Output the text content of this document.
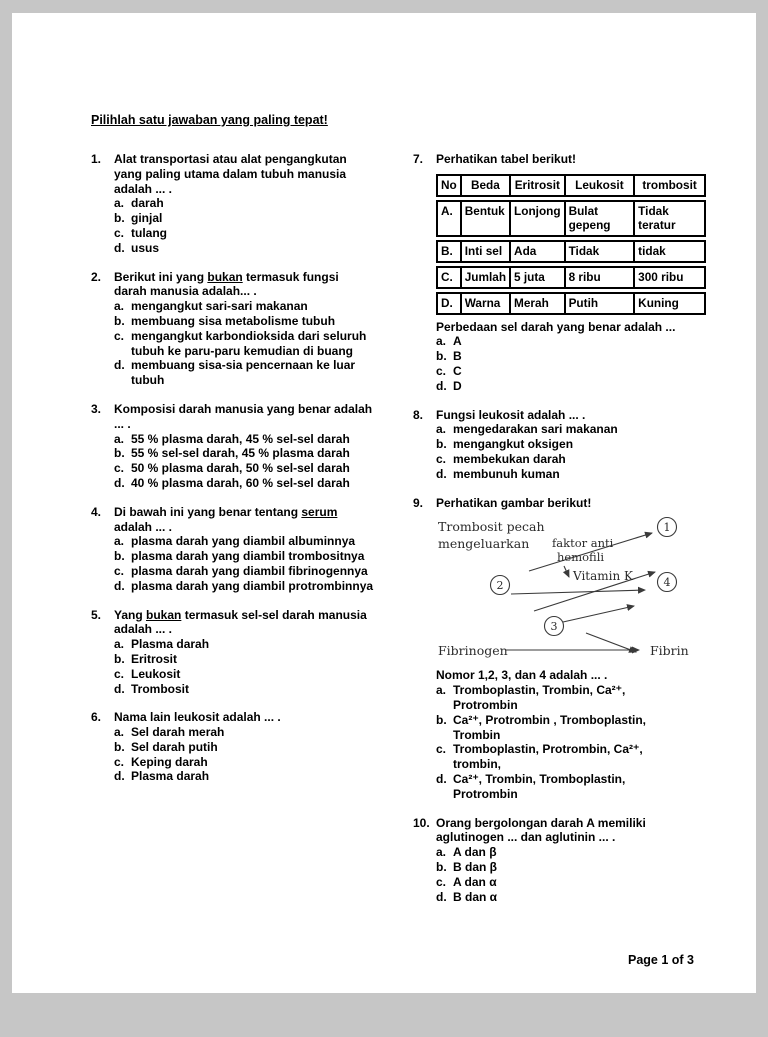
Pilihlah satu jawaban yang paling tepat!
1.	Alat transportasi atau alat pengangkutan yang paling utama dalam tubuh manusia adalah ... .
a. darah
b. ginjal
c. tulang
d. usus
2.	Berikut ini yang bukan termasuk fungsi darah manusia adalah... .
a. mengangkut sari-sari makanan
b. membuang sisa metabolisme tubuh
c. mengangkut karbondioksida dari seluruh tubuh ke paru-paru kemudian di buang
d. membuang sisa-sia pencernaan ke luar tubuh
3.	Komposisi darah manusia yang benar adalah ... .
a. 55 % plasma darah, 45 % sel-sel darah
b. 55 % sel-sel darah, 45 % plasma darah
c. 50 % plasma darah, 50 % sel-sel darah
d. 40 % plasma darah, 60 % sel-sel darah
4.	Di bawah ini yang benar tentang serum adalah ... .
a. plasma darah yang diambil albuminnya
b. plasma darah yang diambil trombositnya
c. plasma darah yang diambil fibrinogennya
d. plasma darah yang diambil protrombinnya
5.	Yang bukan termasuk sel-sel darah manusia adalah ... .
a. Plasma darah
b. Eritrosit
c. Leukosit
d. Trombosit
6.	Nama lain leukosit adalah ... .
a. Sel darah merah
b. Sel darah putih
c. Keping darah
d. Plasma darah
7.	Perhatikan tabel berikut!
No	Beda	Eritrosit	Leukosit	trombosit
A.	Bentuk	Lonjong	Bulat gepeng	Tidak teratur
B.	Inti sel	Ada	Tidak	tidak
C.	Jumlah	5 juta	8 ribu	300 ribu
D.	Warna	Merah	Putih	Kuning
Perbedaan sel darah yang benar adalah ...
a. A
b. B
c. C
d. D
8.	Fungsi leukosit adalah ... .
a. mengedarakan sari makanan
b. mengangkut oksigen
c. membekukan darah
d. membunuh kuman
9.	Perhatikan gambar berikut!
Trombosit pecah
mengeluarkan faktor anti
hemofili
Vitamin K
Fibrinogen	Fibrin
1
2	4
3
Nomor 1,2, 3, dan 4 adalah ... .
a. Tromboplastin, Trombin, Ca²⁺, Protrombin
b. Ca²⁺, Protrombin , Tromboplastin, Trombin
c. Tromboplastin, Protrombin, Ca²⁺, trombin,
d. Ca²⁺, Trombin, Tromboplastin, Protrombin
10. Orang bergolongan darah A memiliki aglutinogen ... dan aglutinin ... .
a. A dan β
b. B dan β
c. A dan α
d. B dan α
Page 1 of 3
